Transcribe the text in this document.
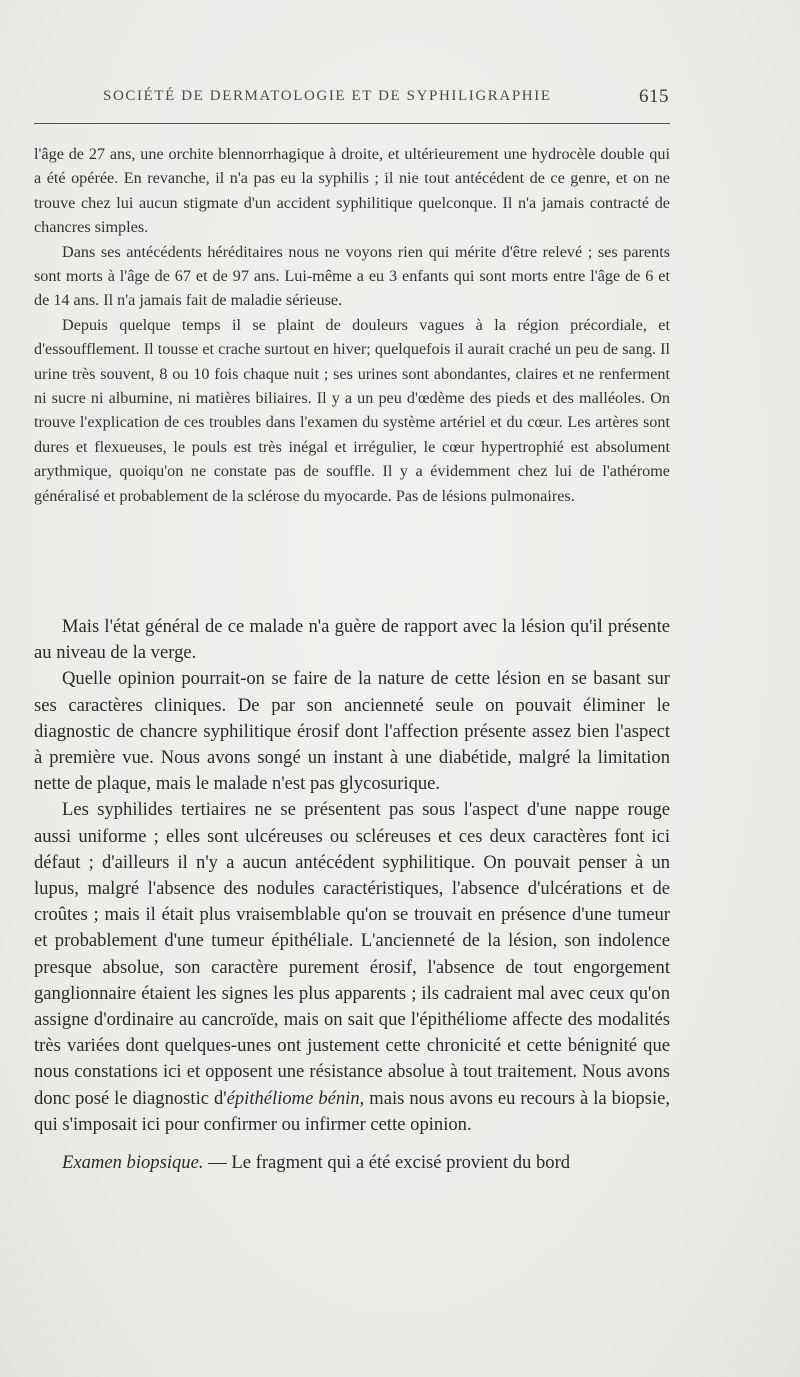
SOCIÉTÉ DE DERMATOLOGIE ET DE SYPHILIGRAPHIE	615

l'âge de 27 ans, une orchite blennorrhagique à droite, et ultérieurement une hydrocèle double qui a été opérée. En revanche, il n'a pas eu la syphilis ; il nie tout antécédent de ce genre, et on ne trouve chez lui aucun stigmate d'un accident syphilitique quelconque. Il n'a jamais contracté de chancres simples.

Dans ses antécédents héréditaires nous ne voyons rien qui mérite d'être relevé ; ses parents sont morts à l'âge de 67 et de 97 ans. Lui-même a eu 3 enfants qui sont morts entre l'âge de 6 et de 14 ans. Il n'a jamais fait de maladie sérieuse.

Depuis quelque temps il se plaint de douleurs vagues à la région précordiale, et d'essoufflement. Il tousse et crache surtout en hiver; quelquefois il aurait craché un peu de sang. Il urine très souvent, 8 ou 10 fois chaque nuit ; ses urines sont abondantes, claires et ne renferment ni sucre ni albumine, ni matières biliaires. Il y a un peu d'œdème des pieds et des malléoles. On trouve l'explication de ces troubles dans l'examen du système artériel et du cœur. Les artères sont dures et flexueuses, le pouls est très inégal et irrégulier, le cœur hypertrophié est absolument arythmique, quoiqu'on ne constate pas de souffle. Il y a évidemment chez lui de l'athérome généralisé et probablement de la sclérose du myocarde. Pas de lésions pulmonaires.

Mais l'état général de ce malade n'a guère de rapport avec la lésion qu'il présente au niveau de la verge.

Quelle opinion pourrait-on se faire de la nature de cette lésion en se basant sur ses caractères cliniques. De par son ancienneté seule on pouvait éliminer le diagnostic de chancre syphilitique érosif dont l'affection présente assez bien l'aspect à première vue. Nous avons songé un instant à une diabétide, malgré la limitation nette de plaque, mais le malade n'est pas glycosurique.

Les syphilides tertiaires ne se présentent pas sous l'aspect d'une nappe rouge aussi uniforme ; elles sont ulcéreuses ou scléreuses et ces deux caractères font ici défaut ; d'ailleurs il n'y a aucun antécédent syphilitique. On pouvait penser à un lupus, malgré l'absence des nodules caractéristiques, l'absence d'ulcérations et de croûtes ; mais il était plus vraisemblable qu'on se trouvait en présence d'une tumeur et probablement d'une tumeur épithéliale. L'ancienneté de la lésion, son indolence presque absolue, son caractère purement érosif, l'absence de tout engorgement ganglionnaire étaient les signes les plus apparents ; ils cadraient mal avec ceux qu'on assigne d'ordinaire au cancroïde, mais on sait que l'épithéliome affecte des modalités très variées dont quelques-unes ont justement cette chronicité et cette bénignité que nous constations ici et opposent une résistance absolue à tout traitement. Nous avons donc posé le diagnostic d'épithéliome bénin, mais nous avons eu recours à la biopsie, qui s'imposait ici pour confirmer ou infirmer cette opinion.

Examen biopsique. — Le fragment qui a été excisé provient du bord
